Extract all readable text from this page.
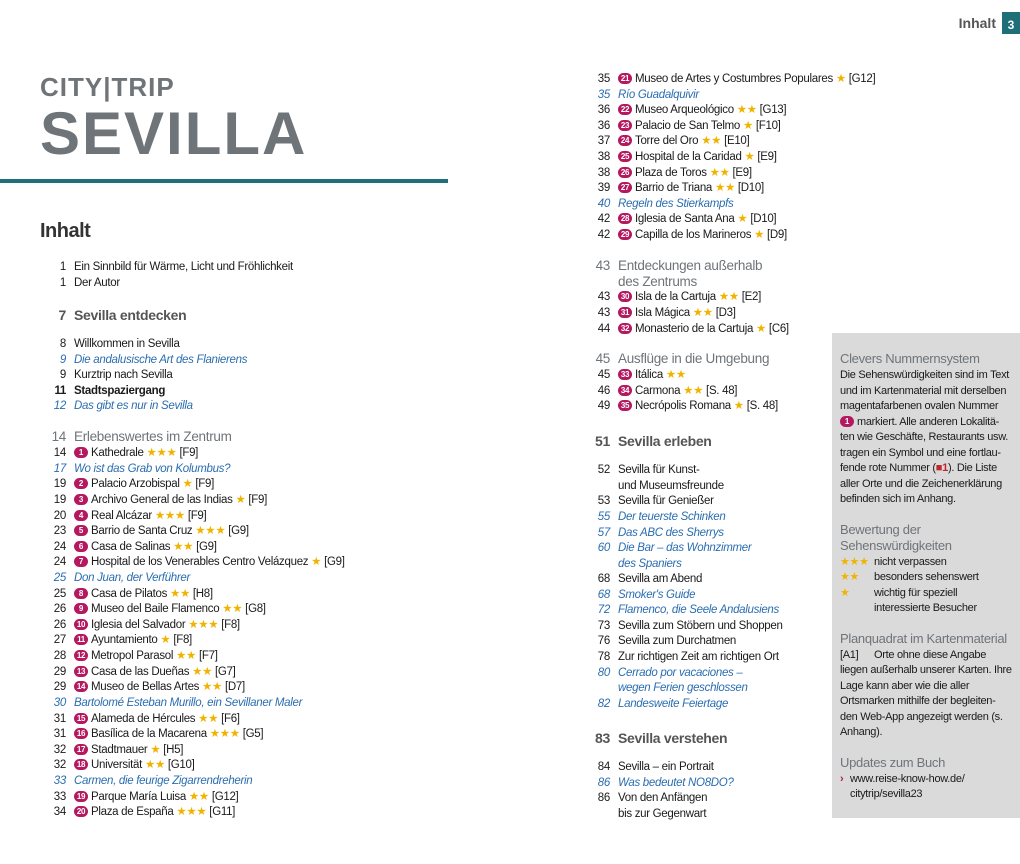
Inhalt 3
CITY|TRIP
SEVILLA
Inhalt
1 Ein Sinnbild für Wärme, Licht und Fröhlichkeit
1 Der Autor
7 Sevilla entdecken
8 Willkommen in Sevilla
9 Die andalusische Art des Flanierens
9 Kurztrip nach Sevilla
11 Stadtspaziergang
12 Das gibt es nur in Sevilla
14 Erlebenswertes im Zentrum
14	1 Kathedrale ★★★ [F9]
17 Wo ist das Grab von Kolumbus?
19	2 Palacio Arzobispal ★ [F9]
19	3 Archivo General de las Indias ★ [F9]
20	4 Real Alcázar ★★★ [F9]
23	5 Barrio de Santa Cruz ★★★ [G9]
24	6 Casa de Salinas ★★ [G9]
24	7 Hospital de los Venerables Centro Velázquez ★ [G9]
25 Don Juan, der Verführer
25	8 Casa de Pilatos ★★ [H8]
26	9 Museo del Baile Flamenco ★★ [G8]
26	10 Iglesia del Salvador ★★★ [F8]
27	11 Ayuntamiento ★ [F8]
28	12 Metropol Parasol ★★ [F7]
29	13 Casa de las Dueñas ★★ [G7]
29	14 Museo de Bellas Artes ★★ [D7]
30 Bartolomé Esteban Murillo, ein Sevillaner Maler
31	15 Alameda de Hércules ★★ [F6]
31	16 Basílica de la Macarena ★★★ [G5]
32	17 Stadtmauer ★ [H5]
32	18 Universität ★★ [G10]
33 Carmen, die feurige Zigarrendreherin
33	19 Parque María Luisa ★★ [G12]
34	20 Plaza de España ★★★ [G11]
35	21 Museo de Artes y Costumbres Populares ★ [G12]
35 Río Guadalquivir
36	22 Museo Arqueológico ★★ [G13]
36	23 Palacio de San Telmo ★ [F10]
37	24 Torre del Oro ★★ [E10]
38	25 Hospital de la Caridad ★ [E9]
38	26 Plaza de Toros ★★ [E9]
39	27 Barrio de Triana ★★ [D10]
40 Regeln des Stierkampfs
42	28 Iglesia de Santa Ana ★ [D10]
42	29 Capilla de los Marineros ★ [D9]
43 Entdeckungen außerhalb
des Zentrums
43	30 Isla de la Cartuja ★★ [E2]
43	31 Isla Mágica ★★ [D3]
44	32 Monasterio de la Cartuja ★ [C6]
45 Ausflüge in die Umgebung
45	33 Itálica ★★
46	34 Carmona ★★ [S. 48]
49	35 Necrópolis Romana ★ [S. 48]
51 Sevilla erleben
52 Sevilla für Kunst-
und Museumsfreunde
53 Sevilla für Genießer
55 Der teuerste Schinken
57 Das ABC des Sherrys
60 Die Bar – das Wohnzimmer
des Spaniers
68 Sevilla am Abend
68 Smoker's Guide
72 Flamenco, die Seele Andalusiens
73 Sevilla zum Stöbern und Shoppen
76 Sevilla zum Durchatmen
78 Zur richtigen Zeit am richtigen Ort
80 Cerrado por vacaciones –
wegen Ferien geschlossen
82 Landesweite Feiertage
83 Sevilla verstehen
84 Sevilla – ein Portrait
86 Was bedeutet NO8DO?
86 Von den Anfängen
bis zur Gegenwart
Clevers Nummernsystem

Die Sehenswürdigkeiten sind im Text und im Kartenmaterial mit derselben magentafarbenen ovalen Nummer 1 markiert. Alle anderen Lokalitä-ten wie Geschäfte, Restaurants usw. tragen ein Symbol und eine fortlau-fende rote Nummer (■1). Die Liste aller Orte und die Zeichenerklärung befinden sich im Anhang.

Bewertung der Sehenswürdigkeiten
★★★ nicht verpassen
★★	besonders sehenswert
★	wichtig für speziell interessierte Besucher
Planquadrat im Kartenmaterial

[A1] Orte ohne diese Angabe liegen außerhalb unserer Karten. Ihre Lage kann aber wie die aller Ortsmarken mithilfe der begleiten-den Web-App angezeigt werden (s. Anhang).

Updates zum Buch
› www.reise-know-how.de/ citytrip/sevilla23
